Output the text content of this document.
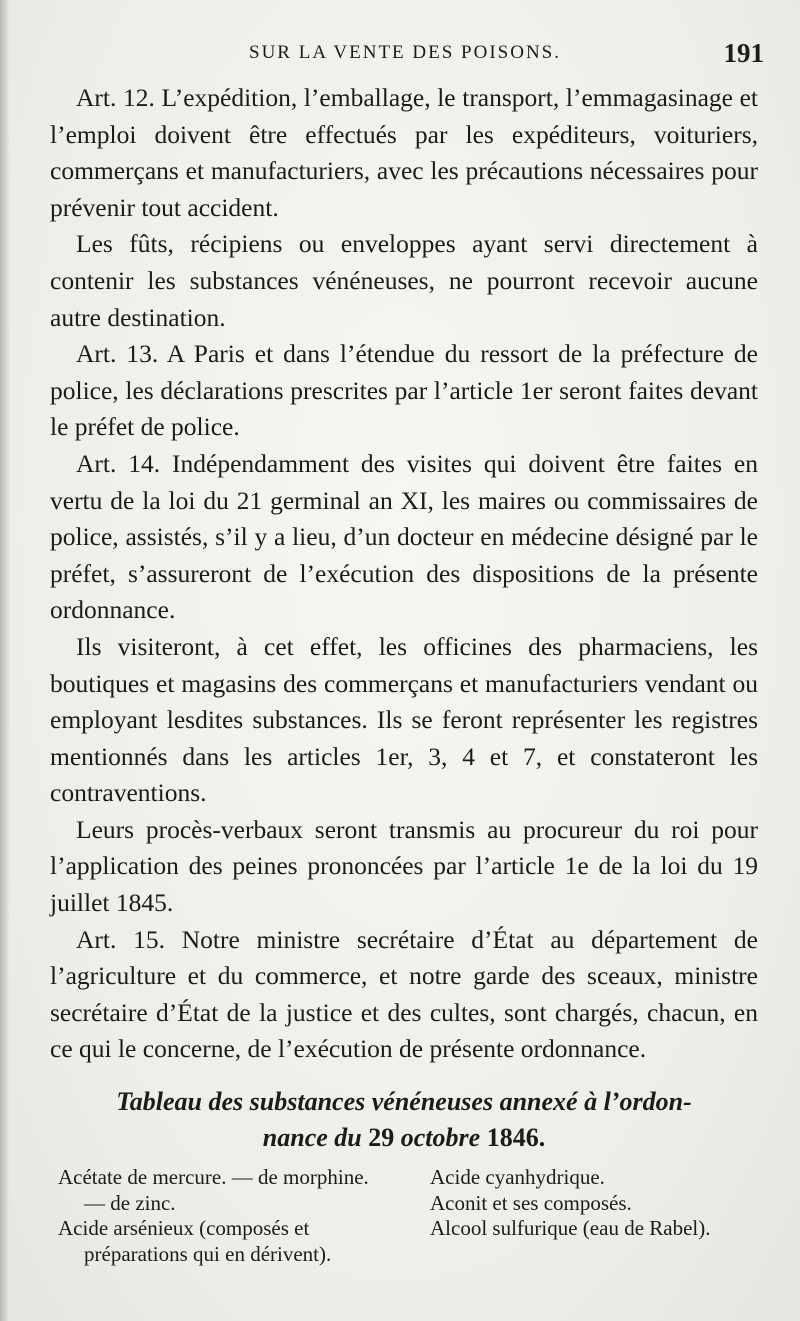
SUR LA VENTE DES POISONS.	191

Art. 12. L’expédition, l’emballage, le transport, l’emmagasinage et l’emploi doivent être effectués par les expéditeurs, voituriers, commerçans et manufacturiers, avec les précautions nécessaires pour prévenir tout accident.

Les fûts, récipiens ou enveloppes ayant servi directement à contenir les substances vénéneuses, ne pourront recevoir aucune autre destination.

Art. 13. A Paris et dans l’étendue du ressort de la préfecture de police, les déclarations prescrites par l’article 1er seront faites devant le préfet de police.

Art. 14. Indépendamment des visites qui doivent être faites en vertu de la loi du 21 germinal an XI, les maires ou commissaires de police, assistés, s’il y a lieu, d’un docteur en médecine désigné par le préfet, s’assureront de l’exécution des dispositions de la présente ordonnance.

Ils visiteront, à cet effet, les officines des pharmaciens, les boutiques et magasins des commerçans et manufacturiers vendant ou employant lesdites substances. Ils se feront représenter les registres mentionnés dans les articles 1er, 3, 4 et 7, et constateront les contraventions.

Leurs procès-verbaux seront transmis au procureur du roi pour l’application des peines prononcées par l’article 1e de la loi du 19 juillet 1845.

Art. 15. Notre ministre secrétaire d’État au département de l’agriculture et du commerce, et notre garde des sceaux, ministre secrétaire d’État de la justice et des cultes, sont chargés, chacun, en ce qui le concerne, de l’exécution de présente ordonnance.

Tableau des substances vénéneuses annexé à l’ordon-
nance du 29 octobre 1846.

Acétate de mercure. — de morphine. — de zinc.

Acide arsénieux (composés et préparations qui en dérivent).

Acide cyanhydrique.

Aconit et ses composés.

Alcool sulfurique (eau de Rabel).
